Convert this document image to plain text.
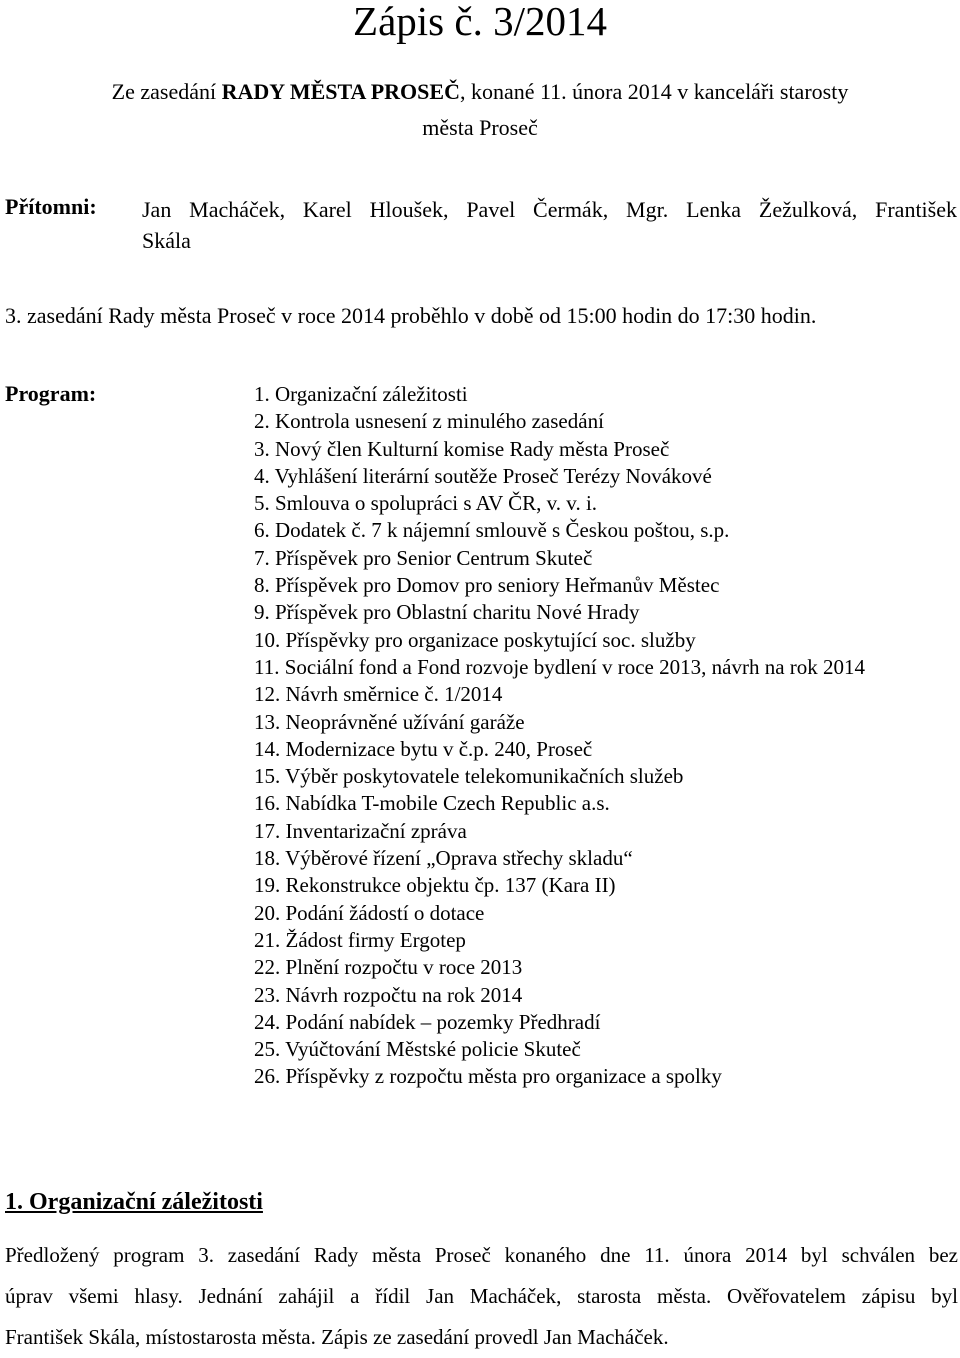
Zápis č. 3/2014
Ze zasedání RADY MĚSTA PROSEČ, konané 11. února 2014 v kanceláři starosty
města Proseč
Přítomni: Jan Macháček, Karel Hloušek, Pavel Čermák, Mgr. Lenka Žežulková, František
Skála
3. zasedání Rady města Proseč v roce 2014 proběhlo v době od 15:00 hodin do 17:30 hodin.
Program:	1. Organizační záležitosti
2. Kontrola usnesení z minulého zasedání
3. Nový člen Kulturní komise Rady města Proseč
4. Vyhlášení literární soutěže Proseč Terézy Novákové
5. Smlouva o spolupráci s AV ČR, v. v. i.
6. Dodatek č. 7 k nájemní smlouvě s Českou poštou, s.p.
7. Příspěvek pro Senior Centrum Skuteč
8. Příspěvek pro Domov pro seniory Heřmanův Městec
9. Příspěvek pro Oblastní charitu Nové Hrady
10. Příspěvky pro organizace poskytující soc. služby
11. Sociální fond a Fond rozvoje bydlení v roce 2013, návrh na rok 2014
12. Návrh směrnice č. 1/2014
13. Neoprávněné užívání garáže
14. Modernizace bytu v č.p. 240, Proseč
15. Výběr poskytovatele telekomunikačních služeb
16. Nabídka T-mobile Czech Republic a.s.
17. Inventarizační zpráva
18. Výběrové řízení „Oprava střechy skladu“
19. Rekonstrukce objektu čp. 137 (Kara II)
20. Podání žádostí o dotace
21. Žádost firmy Ergotep
22. Plnění rozpočtu v roce 2013
23. Návrh rozpočtu na rok 2014
24. Podání nabídek – pozemky Předhradí
25. Vyúčtování Městské policie Skuteč
26. Příspěvky z rozpočtu města pro organizace a spolky
1. Organizační záležitosti
Předložený program 3. zasedání Rady města Proseč konaného dne 11. února 2014 byl schválen bez
úprav všemi hlasy. Jednání zahájil a řídil Jan Macháček, starosta města. Ověřovatelem zápisu byl
František Skála, místostarosta města. Zápis ze zasedání provedl Jan Macháček.
